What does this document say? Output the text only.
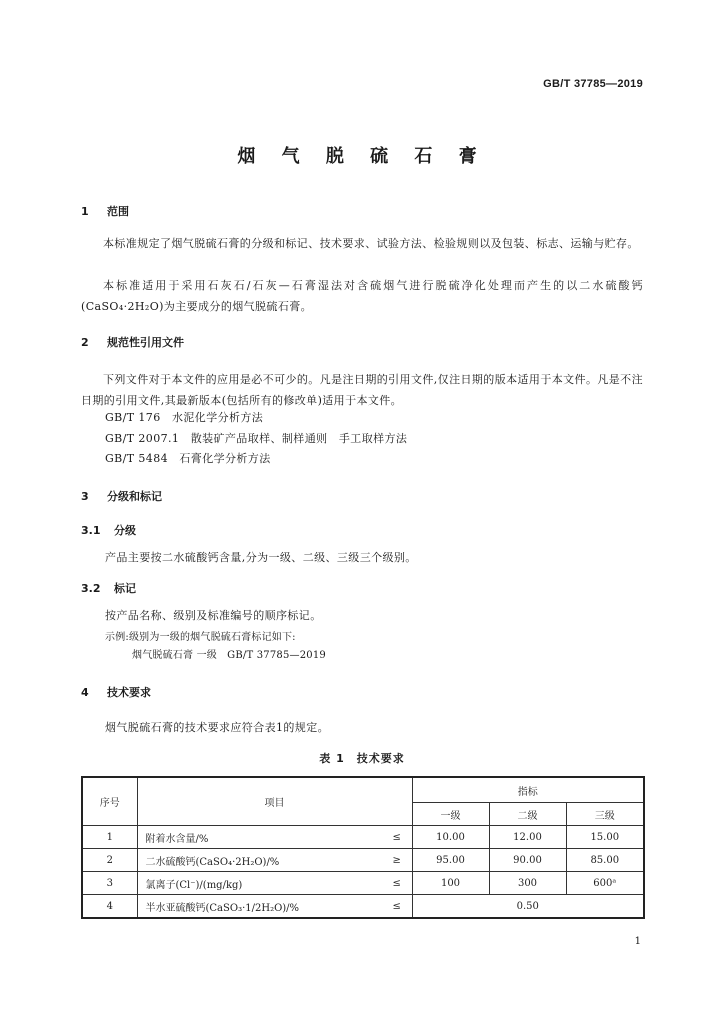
GB/T 37785—2019
烟 气 脱 硫 石 膏
1 范围
本标准规定了烟气脱硫石膏的分级和标记、技术要求、试验方法、检验规则以及包装、标志、运输与贮存。
本标准适用于采用石灰石/石灰—石膏湿法对含硫烟气进行脱硫净化处理而产生的以二水硫酸钙(CaSO₄·2H₂O)为主要成分的烟气脱硫石膏。
2 规范性引用文件
下列文件对于本文件的应用是必不可少的。凡是注日期的引用文件,仅注日期的版本适用于本文件。凡是不注日期的引用文件,其最新版本(包括所有的修改单)适用于本文件。
GB/T 176　水泥化学分析方法
GB/T 2007.1　散装矿产品取样、制样通则　手工取样方法
GB/T 5484　石膏化学分析方法
3 分级和标记
3.1 分级
产品主要按二水硫酸钙含量,分为一级、二级、三级三个级别。
3.2 标记
按产品名称、级别及标准编号的顺序标记。
示例:级别为一级的烟气脱硫石膏标记如下:
烟气脱硫石膏 一级　GB/T 37785—2019
4 技术要求
烟气脱硫石膏的技术要求应符合表1的规定。
表 1　技术要求
序号	项目		指标		
			一级	二级	三级
1	附着水含量/%	≤	10.00	12.00	15.00
2	二水硫酸钙(CaSO₄·2H₂O)/%	≥	95.00	90.00	85.00
3	氯离子(Cl⁻)/(mg/kg)	≤	100	300	600ᵃ
4	半水亚硫酸钙(CaSO₃·1/2H₂O)/%	≤	0.50		
1
